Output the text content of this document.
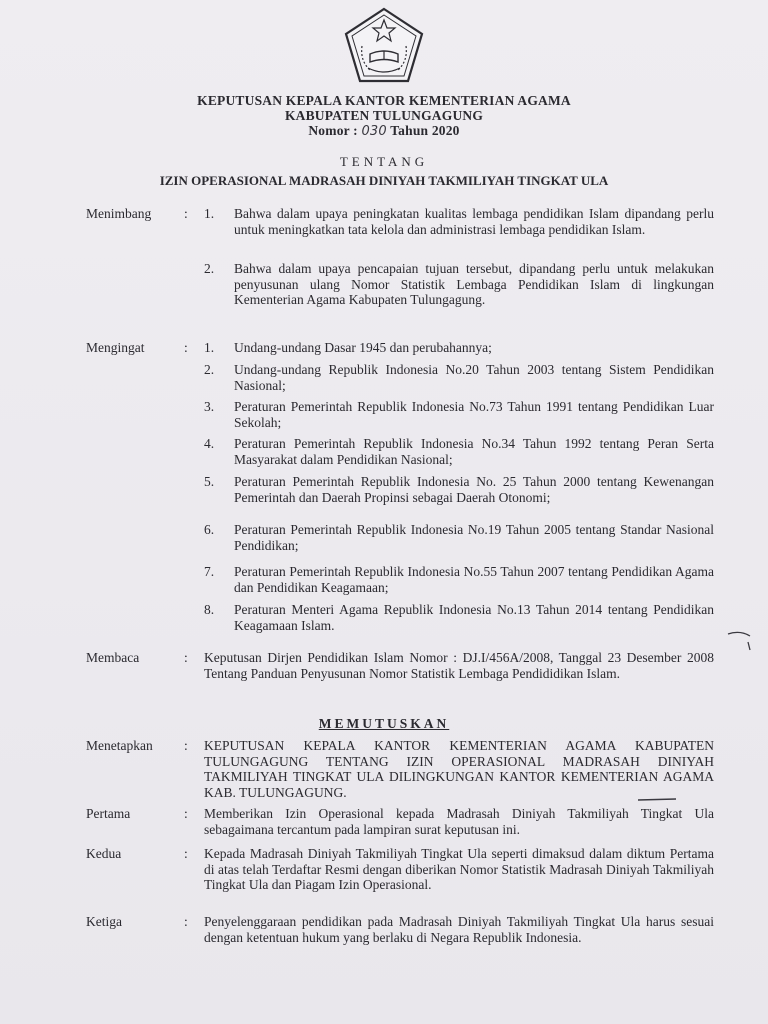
KEPUTUSAN KEPALA KANTOR KEMENTERIAN AGAMA
KABUPATEN TULUNGAGUNG
Nomor : 030 Tahun 2020
TENTANG
IZIN OPERASIONAL MADRASAH DINIYAH TAKMILIYAH TINGKAT ULA
Menimbang : 1. Bahwa dalam upaya peningkatan kualitas lembaga pendidikan Islam dipandang perlu untuk meningkatkan tata kelola dan administrasi lembaga pendidikan Islam.
2. Bahwa dalam upaya pencapaian tujuan tersebut, dipandang perlu untuk melakukan penyusunan ulang Nomor Statistik Lembaga Pendidikan Islam di lingkungan Kementerian Agama Kabupaten Tulungagung.
Mengingat	: 1. Undang-undang Dasar 1945 dan perubahannya;
2. Undang-undang Republik Indonesia No.20 Tahun 2003 tentang Sistem Pendidikan Nasional;
3. Peraturan Pemerintah Republik Indonesia No.73 Tahun 1991 tentang Pendidikan Luar Sekolah;
4. Peraturan Pemerintah Republik Indonesia No.34 Tahun 1992 tentang Peran Serta Masyarakat dalam Pendidikan Nasional;
5. Peraturan Pemerintah Republik Indonesia No. 25 Tahun 2000 tentang Kewenangan Pemerintah dan Daerah Propinsi sebagai Daerah Otonomi;
6. Peraturan Pemerintah Republik Indonesia No.19 Tahun 2005 tentang Standar Nasional Pendidikan;
7. Peraturan Pemerintah Republik Indonesia No.55 Tahun 2007 tentang Pendidikan Agama dan Pendidikan Keagamaan;
8. Peraturan Menteri Agama Republik Indonesia No.13 Tahun 2014 tentang Pendidikan Keagamaan Islam.
Membaca	: Keputusan Dirjen Pendidikan Islam Nomor : DJ.I/456A/2008, Tanggal 23 Desember 2008 Tentang Panduan Penyusunan Nomor Statistik Lembaga Pendididikan Islam.
MEMUTUSKAN
Menetapkan : KEPUTUSAN KEPALA KANTOR KEMENTERIAN AGAMA KABUPATEN TULUNGAGUNG TENTANG IZIN OPERASIONAL MADRASAH DINIYAH TAKMILIYAH TINGKAT ULA DILINGKUNGAN KANTOR KEMENTERIAN AGAMA KAB. TULUNGAGUNG.
Pertama	: Memberikan Izin Operasional kepada Madrasah Diniyah Takmiliyah Tingkat Ula sebagaimana tercantum pada lampiran surat keputusan ini.
Kedua	: Kepada Madrasah Diniyah Takmiliyah Tingkat Ula seperti dimaksud dalam diktum Pertama di atas telah Terdaftar Resmi dengan diberikan Nomor Statistik Madrasah Diniyah Takmiliyah Tingkat Ula dan Piagam Izin Operasional.
Ketiga	: Penyelenggaraan pendidikan pada Madrasah Diniyah Takmiliyah Tingkat Ula harus sesuai dengan ketentuan hukum yang berlaku di Negara Republik Indonesia.
